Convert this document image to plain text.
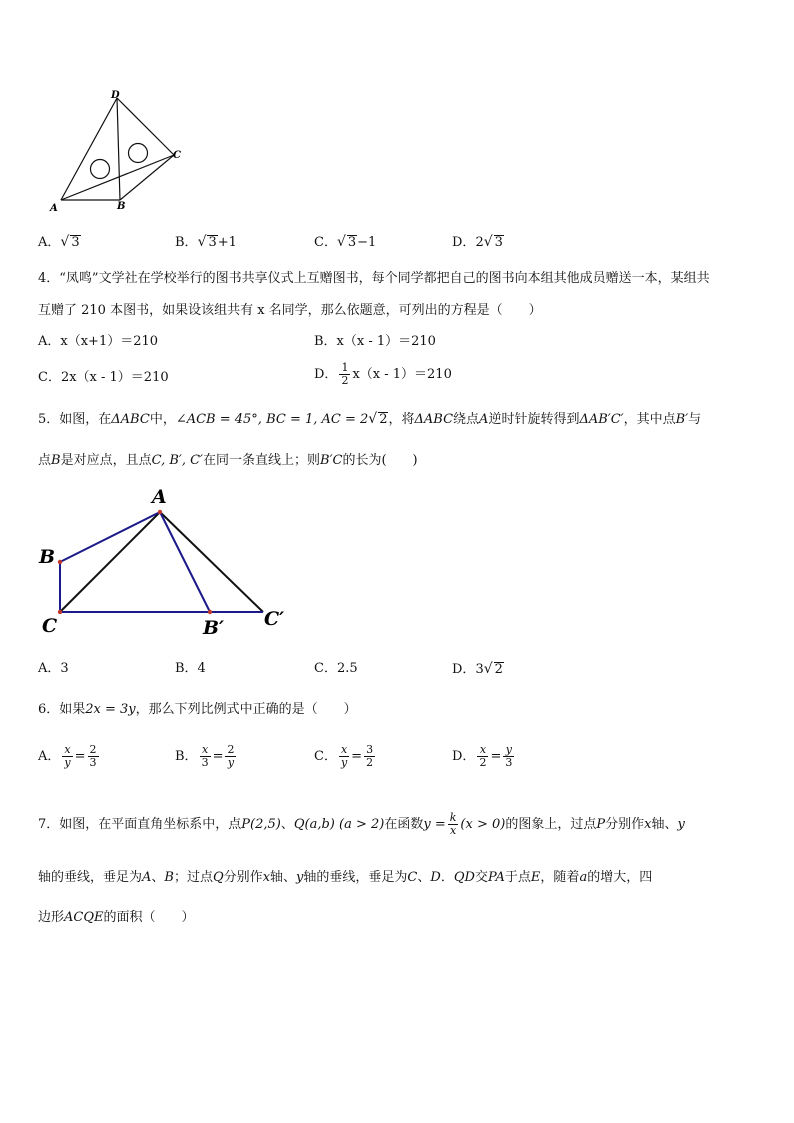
D
C
A	B
A．√ 3	B．√ 3+1	C．√ 3−1	D．2√ 3
4．“凤鸣”文学社在学校举行的图书共享仪式上互赠图书，每个同学都把自己的图书向本组其他成员赠送一本，某组共
互赠了 210 本图书，如果设该组共有 x 名同学，那么依题意，可列出的方程是（　　）
A．x（x+1）＝210	B．x（x - 1）＝210
C．2x（x - 1）＝210	D． $\frac{1}{2} x(x - 1)=210$
5．如图，在ΔABC中，∠ACB = 45°, BC = 1, AC = 2√ 2，将ΔABC绕点A逆时针旋转得到ΔAB′C′，其中点B′与
点B是对应点，且点C, B′, C′在同一条直线上；则B′C的长为(　　)
A
B
C	B′ C′
A．3	B．4	C．2.5	D．3√ 2
6．如果2x = 3y，那么下列比例式中正确的是（　　）
A． $\frac{x}{y} = \frac{2}{3}$	B． $\frac{x}{3} = \frac{2}{y}$	C． $\frac{x}{y} = \frac{3}{2}$	D． $\frac{x}{2} = \frac{y}{3}$
7．如图，在平面直角坐标系中，点P(2,5)、Q(a,b) (a > 2)在函数$y = \frac{k}{x} (x > 0)$的图象上，过点P分别作x轴、y
轴的垂线，垂足为A、B；过点Q分别作x轴、y轴的垂线，垂足为C、D．QD交PA于点E，随着a的增大，四
边形ACQE的面积（　　）
